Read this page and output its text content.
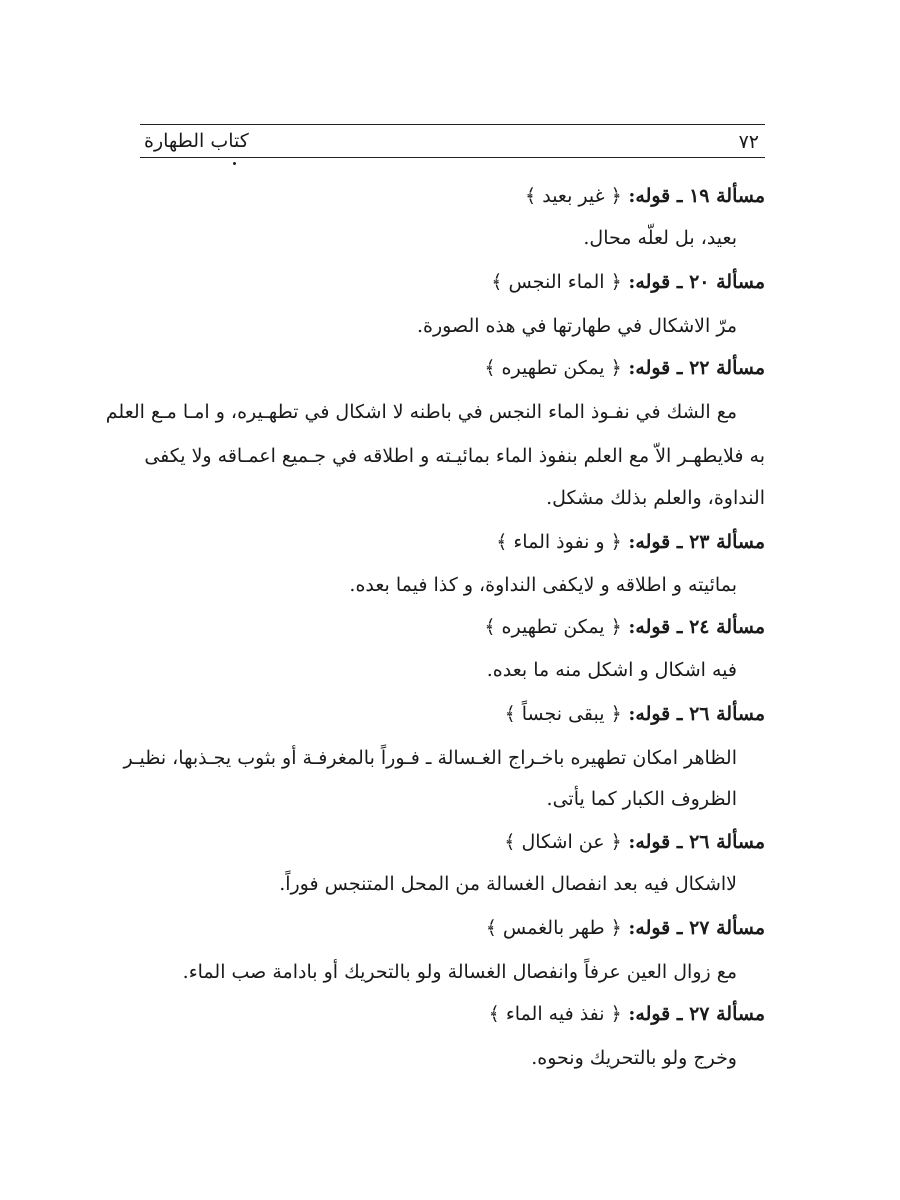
٧٢
كتاب الطهارة
مسألة ١٩ ـ قوله: ﴿ غير بعيد ﴾
بعيد، بل لعلّه محال.
مسألة ٢٠ ـ قوله: ﴿ الماء النجس ﴾
مرّ الاشكال في طهارتها في هذه الصورة.
مسألة ٢٢ ـ قوله: ﴿ يمكن تطهيره ﴾
مع الشك في نفـوذ الماء النجس في باطنه لا اشكال في تطهـيره، و امـا مـع العلم
به فلايطهـر الاّ مع العلم بنفوذ الماء بمائيـته و اطلاقه في جـميع اعمـاقه ولا يكفى
النداوة، والعلم بذلك مشكل.
مسألة ٢٣ ـ قوله: ﴿ و نفوذ الماء ﴾
بمائيته و اطلاقه و لايكفى النداوة، و كذا فيما بعده.
مسألة ٢٤ ـ قوله: ﴿ يمكن تطهيره ﴾
فيه اشكال و اشكل منه ما بعده.
مسألة ٢٦ ـ قوله: ﴿ يبقى نجساً ﴾
الظاهر امكان تطهيره باخـراج الغـسالة ـ فـوراً بالمغرفـة أو بثوب يجـذبها، نظيـر
الظروف الكبار كما يأتى.
مسألة ٢٦ ـ قوله: ﴿ عن اشكال ﴾
لااشكال فيه بعد انفصال الغسالة من المحل المتنجس فوراً.
مسألة ٢٧ ـ قوله: ﴿ طهر بالغمس ﴾
مع زوال العين عرفاً وانفصال الغسالة ولو بالتحريك أو بادامة صب الماء.
مسألة ٢٧ ـ قوله: ﴿ نفذ فيه الماء ﴾
وخرج ولو بالتحريك ونحوه.
